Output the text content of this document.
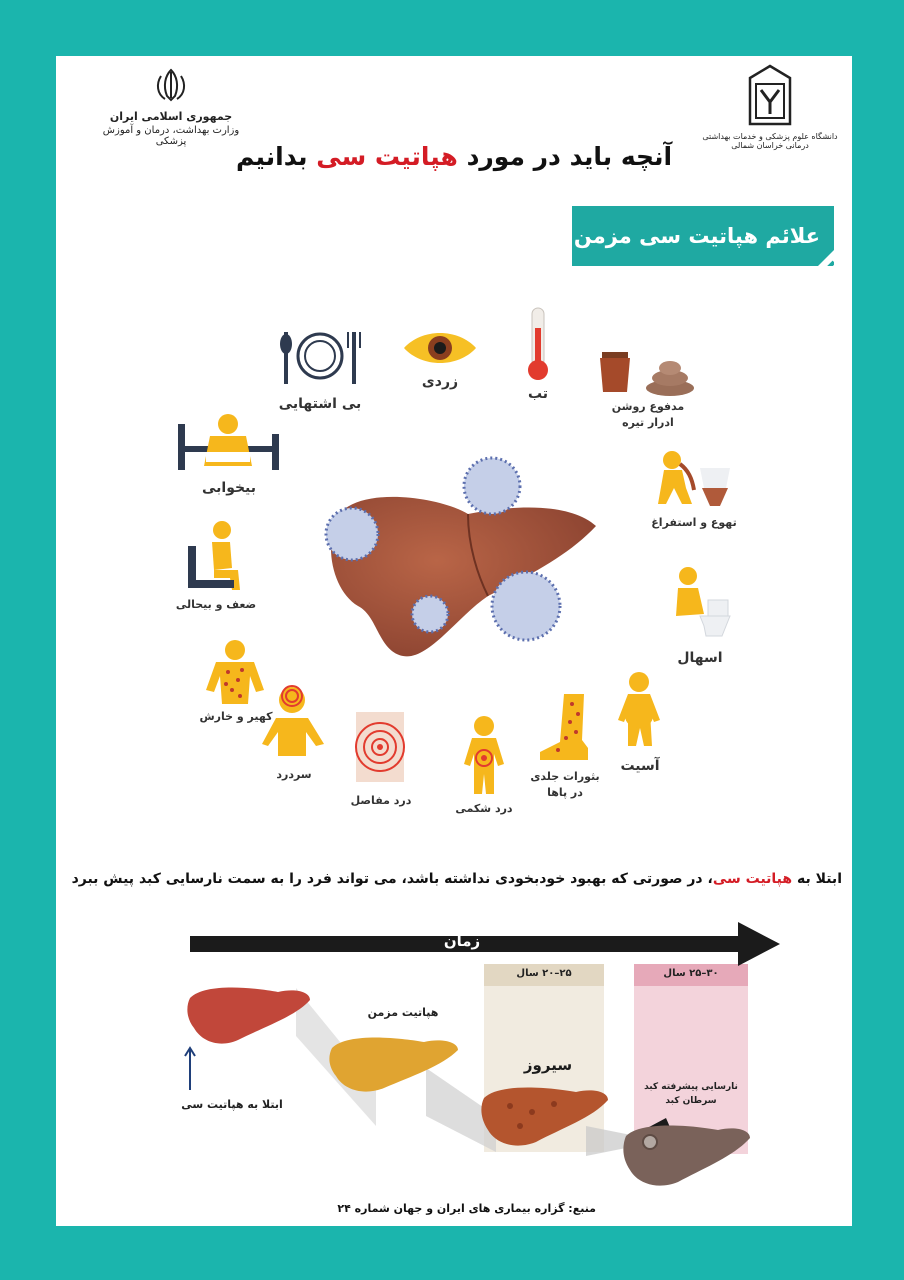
جمهوری اسلامی ایران
وزارت بهداشت، درمان و آموزش پزشکی	دانشگاه علوم پزشکی و خدمات بهداشتی درمانی خراسان شمالی
آنچه باید در مورد هپاتیت سی بدانیم
علائم هپاتیت سی مزمن
بی اشتهایی
زردی
تب
مدفوع روشن
ادرار تیره
بیخوابی
تهوع و استفراغ
ضعف و بیحالی
اسهال
کهیر و خارش
آسیت
سردرد
درد مفاصل
درد شکمی
بثورات جلدی
در پاها
ابتلا به هپاتیت سی، در صورتی که بهبود خودبخودی نداشته باشد، می تواند فرد را به سمت نارسایی کبد پیش ببرد
۲۵–۲۰ سال	۳۰–۲۵ سال
زمان
ابتلا به هپاتیت سی
هپاتیت مزمن
سیروز
نارسایی پیشرفته کبد
سرطان کبد
منبع: گزاره بیماری های ایران و جهان شماره ۲۴
